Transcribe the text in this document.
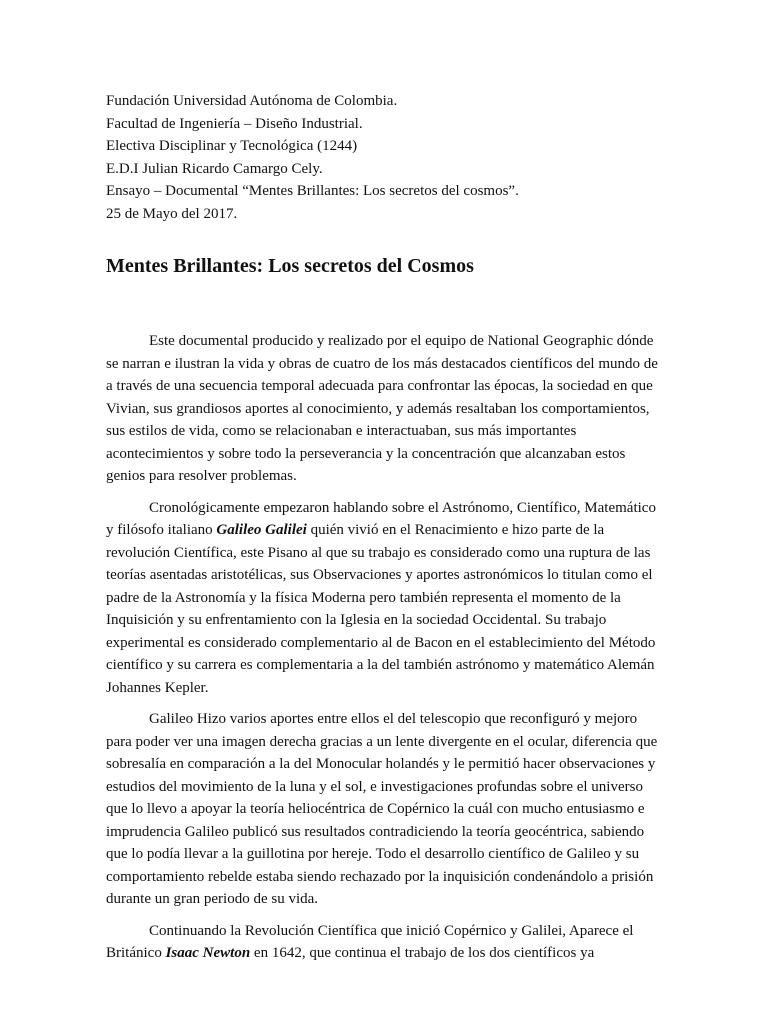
Fundación Universidad Autónoma de Colombia.
Facultad de Ingeniería – Diseño Industrial.
Electiva Disciplinar y Tecnológica (1244)
E.D.I Julian Ricardo Camargo Cely.
Ensayo – Documental “Mentes Brillantes: Los secretos del cosmos”.
25 de Mayo del 2017.
Mentes Brillantes: Los secretos del Cosmos
Este documental producido y realizado por el equipo de National Geographic dónde
se narran e ilustran la vida y obras de cuatro de los más destacados científicos del mundo de
a través de una secuencia temporal adecuada para confrontar las épocas, la sociedad en que
Vivian, sus grandiosos aportes al conocimiento, y además resaltaban los comportamientos,
sus estilos de vida, como se relacionaban e interactuaban, sus más importantes
acontecimientos y sobre todo la perseverancia y la concentración que alcanzaban estos
genios para resolver problemas.
Cronológicamente empezaron hablando sobre el Astrónomo, Científico, Matemático
y filósofo italiano Galileo Galilei quién vivió en el Renacimiento e hizo parte de la
revolución Científica, este Pisano al que su trabajo es considerado como una ruptura de las
teorías asentadas aristotélicas, sus Observaciones y aportes astronómicos lo titulan como el
padre de la Astronomía y la física Moderna pero también representa el momento de la
Inquisición y su enfrentamiento con la Iglesia en la sociedad Occidental. Su trabajo
experimental es considerado complementario al de Bacon en el establecimiento del Método
científico y su carrera es complementaria a la del también astrónomo y matemático Alemán
Johannes Kepler.
Galileo Hizo varios aportes entre ellos el del telescopio que reconfiguró y mejoro
para poder ver una imagen derecha gracias a un lente divergente en el ocular, diferencia que
sobresalía en comparación a la del Monocular holandés y le permitió hacer observaciones y
estudios del movimiento de la luna y el sol, e investigaciones profundas sobre el universo
que lo llevo a apoyar la teoría heliocéntrica de Copérnico la cuál con mucho entusiasmo e
imprudencia Galileo publicó sus resultados contradiciendo la teoría geocéntrica, sabiendo
que lo podía llevar a la guillotina por hereje. Todo el desarrollo científico de Galileo y su
comportamiento rebelde estaba siendo rechazado por la inquisición condenándolo a prisión
durante un gran periodo de su vida.
Continuando la Revolución Científica que inició Copérnico y Galilei, Aparece el
Británico Isaac Newton en 1642, que continua el trabajo de los dos científicos ya
